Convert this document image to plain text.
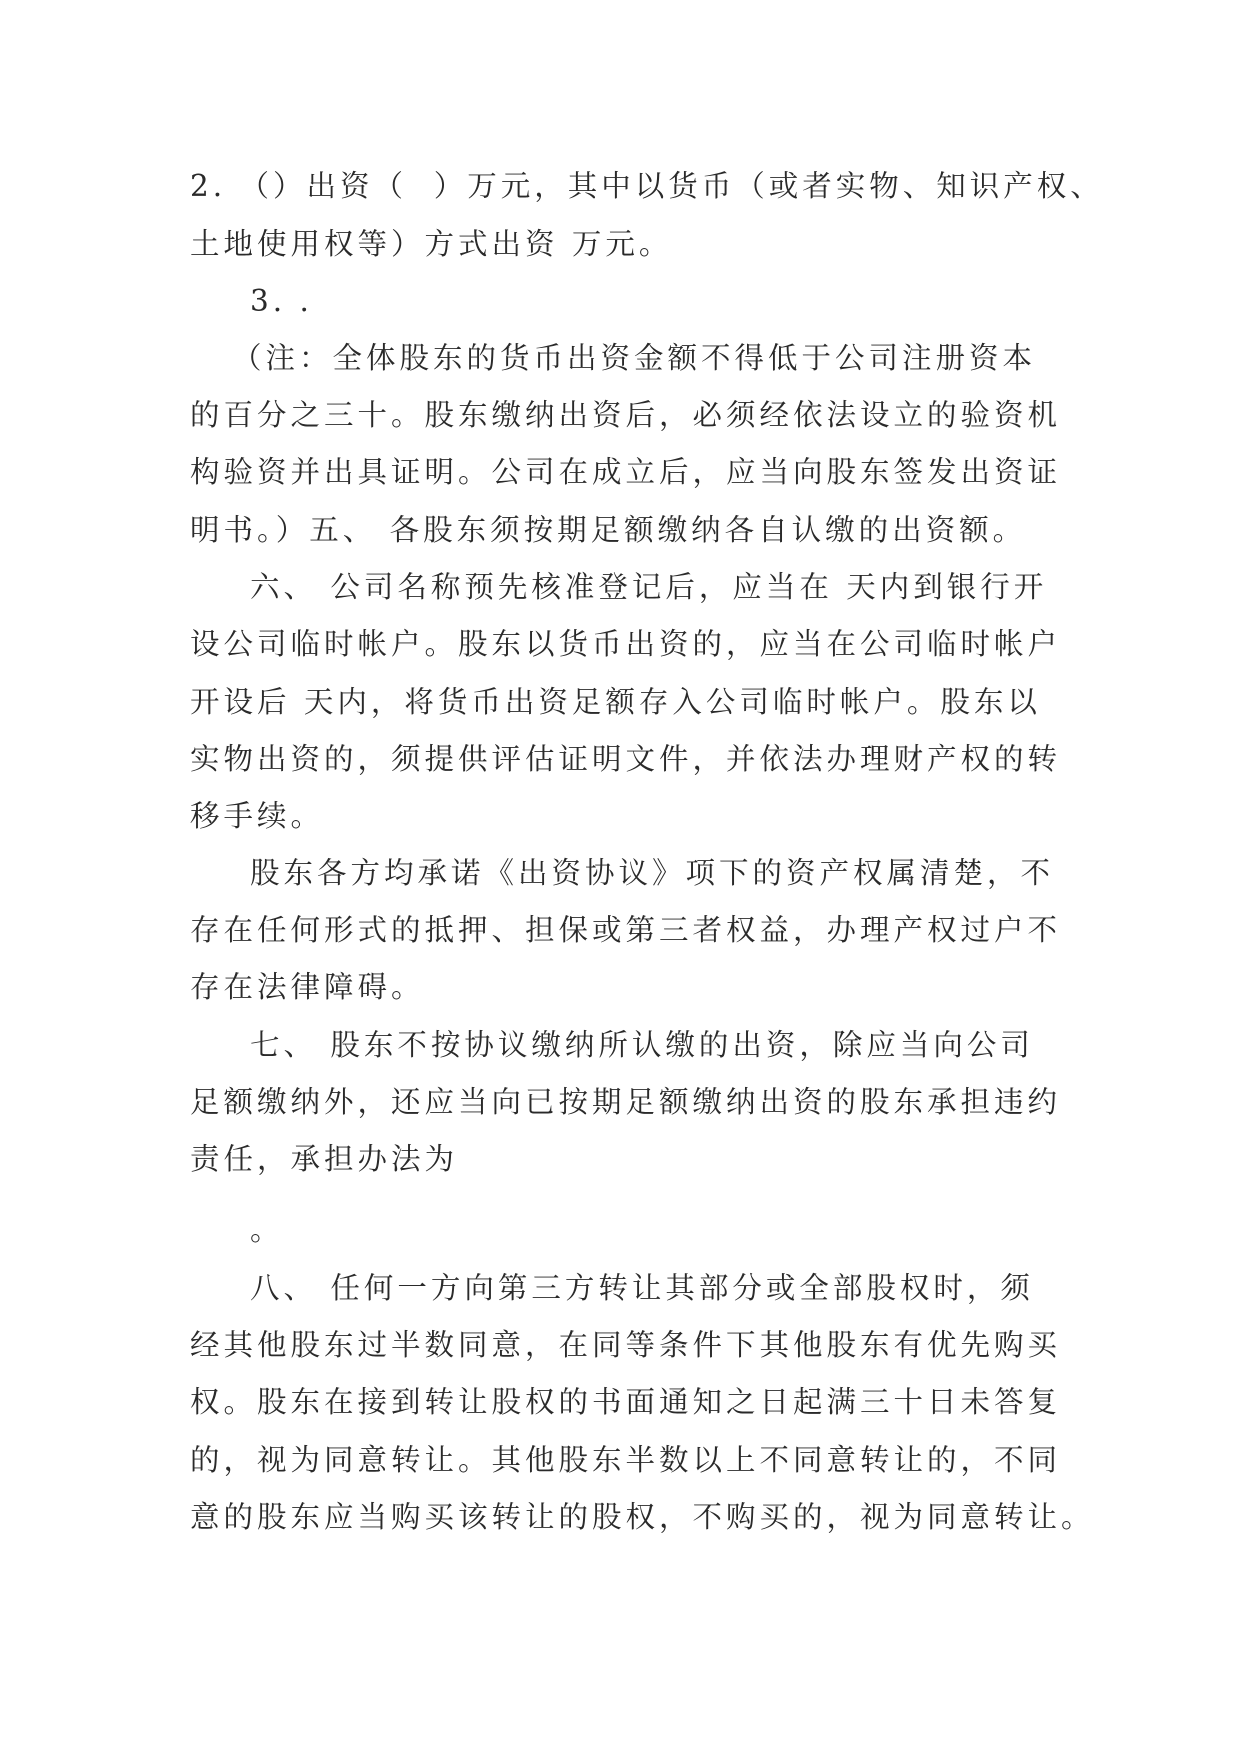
2. （）出资（  ）万元，其中以货币（或者实物、知识产权、

土地使用权等）方式出资 万元。

3. .

（注：全体股东的货币出资金额不得低于公司注册资本

的百分之三十。股东缴纳出资后，必须经依法设立的验资机

构验资并出具证明。公司在成立后，应当向股东签发出资证

明书。）五、 各股东须按期足额缴纳各自认缴的出资额。

六、 公司名称预先核准登记后，应当在 天内到银行开

设公司临时帐户。股东以货币出资的，应当在公司临时帐户

开设后 天内，将货币出资足额存入公司临时帐户。股东以

实物出资的，须提供评估证明文件，并依法办理财产权的转

移手续。

股东各方均承诺《出资协议》项下的资产权属清楚，不

存在任何形式的抵押、担保或第三者权益，办理产权过户不

存在法律障碍。

七、 股东不按协议缴纳所认缴的出资，除应当向公司

足额缴纳外，还应当向已按期足额缴纳出资的股东承担违约

责任，承担办法为

。

八、 任何一方向第三方转让其部分或全部股权时，须

经其他股东过半数同意，在同等条件下其他股东有优先购买

权。股东在接到转让股权的书面通知之日起满三十日未答复

的，视为同意转让。其他股东半数以上不同意转让的，不同

意的股东应当购买该转让的股权，不购买的，视为同意转让。
